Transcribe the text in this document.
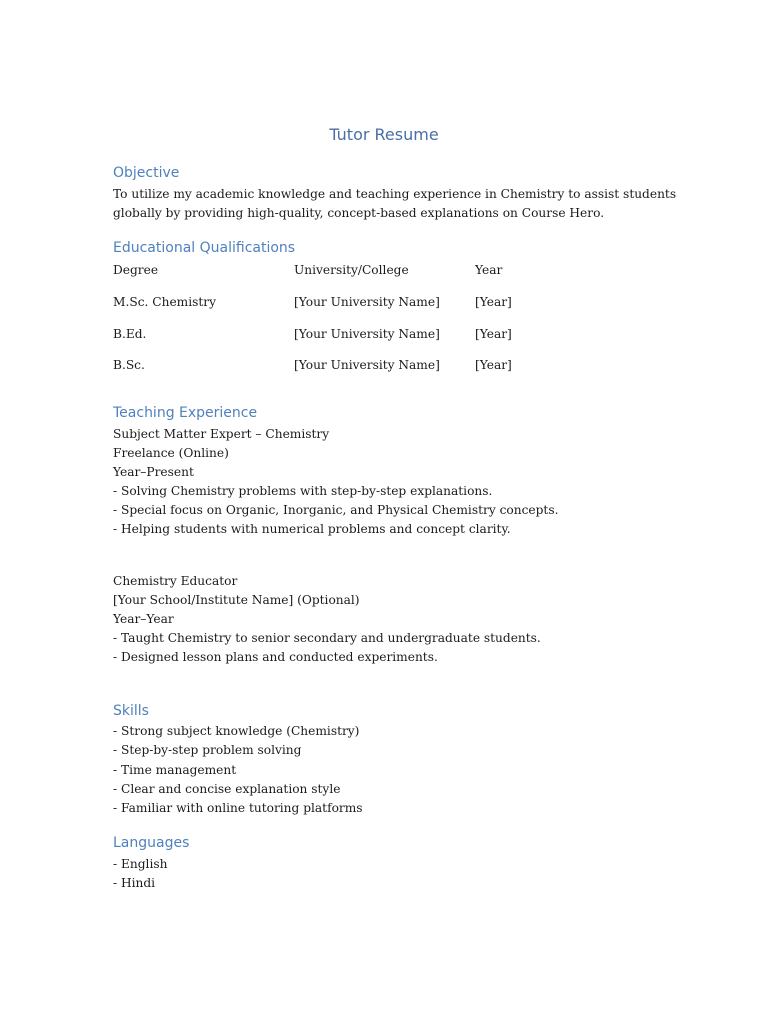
Tutor Resume
Objective
To utilize my academic knowledge and teaching experience in Chemistry to assist students
globally by providing high-quality, concept-based explanations on Course Hero.
Educational Qualifications
Degree	University/College	Year
M.Sc. Chemistry	[Your University Name]	[Year]
B.Ed.	[Your University Name]	[Year]
B.Sc.	[Your University Name]	[Year]
Teaching Experience
Subject Matter Expert – Chemistry
Freelance (Online)
Year–Present
- Solving Chemistry problems with step-by-step explanations.
- Special focus on Organic, Inorganic, and Physical Chemistry concepts.
- Helping students with numerical problems and concept clarity.
Chemistry Educator
[Your School/Institute Name] (Optional)
Year–Year
- Taught Chemistry to senior secondary and undergraduate students.
- Designed lesson plans and conducted experiments.
Skills
- Strong subject knowledge (Chemistry)
- Step-by-step problem solving
- Time management
- Clear and concise explanation style
- Familiar with online tutoring platforms
Languages
- English
- Hindi
